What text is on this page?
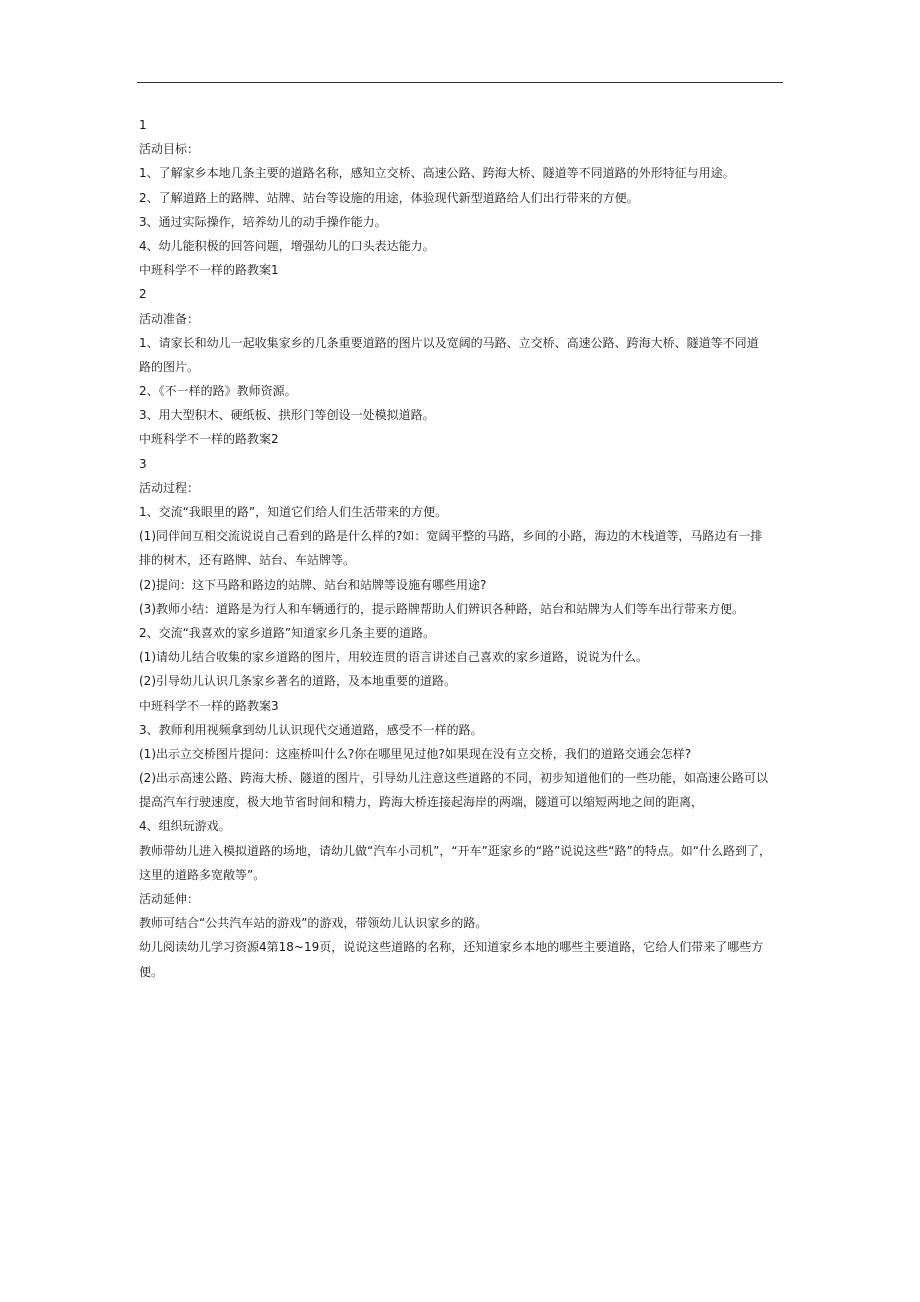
1
活动目标：
1、了解家乡本地几条主要的道路名称，感知立交桥、高速公路、跨海大桥、隧道等不同道路的外形特征与用途。
2、了解道路上的路牌、站牌、站台等设施的用途，体验现代新型道路给人们出行带来的方便。
3、通过实际操作，培养幼儿的动手操作能力。
4、幼儿能积极的回答问题，增强幼儿的口头表达能力。
中班科学不一样的路教案1
2
活动准备：
1、请家长和幼儿一起收集家乡的几条重要道路的图片以及宽阔的马路、立交桥、高速公路、跨海大桥、隧道等不同道
路的图片。
2、《不一样的路》教师资源。
3、用大型积木、硬纸板、拱形门等创设一处模拟道路。
中班科学不一样的路教案2
3
活动过程：
1、交流“我眼里的路”，知道它们给人们生活带来的方便。
(1)同伴间互相交流说说自己看到的路是什么样的?如：宽阔平整的马路，乡间的小路，海边的木栈道等，马路边有一排
排的树木，还有路牌、站台、车站牌等。
(2)提问：这下马路和路边的站牌、站台和站牌等设施有哪些用途?
(3)教师小结：道路是为行人和车辆通行的，提示路牌帮助人们辨识各种路，站台和站牌为人们等车出行带来方便。
2、交流“我喜欢的家乡道路”知道家乡几条主要的道路。
(1)请幼儿结合收集的家乡道路的图片，用较连贯的语言讲述自己喜欢的家乡道路，说说为什么。
(2)引导幼儿认识几条家乡著名的道路，及本地重要的道路。
中班科学不一样的路教案3
3、教师利用视频拿到幼儿认识现代交通道路，感受不一样的路。
(1)出示立交桥图片提问：这座桥叫什么?你在哪里见过他?如果现在没有立交桥，我们的道路交通会怎样?
(2)出示高速公路、跨海大桥、隧道的图片，引导幼儿注意这些道路的不同，初步知道他们的一些功能，如高速公路可以
提高汽车行驶速度，极大地节省时间和精力，跨海大桥连接起海岸的两端，隧道可以缩短两地之间的距离，
4、组织玩游戏。
教师带幼儿进入模拟道路的场地，请幼儿做“汽车小司机”，“开车”逛家乡的“路”说说这些“路”的特点。如“什么路到了，
这里的道路多宽敞等”。
活动延伸：
教师可结合“公共汽车站的游戏”的游戏，带领幼儿认识家乡的路。
幼儿阅读幼儿学习资源4第18~19页，说说这些道路的名称，还知道家乡本地的哪些主要道路，它给人们带来了哪些方
便。
